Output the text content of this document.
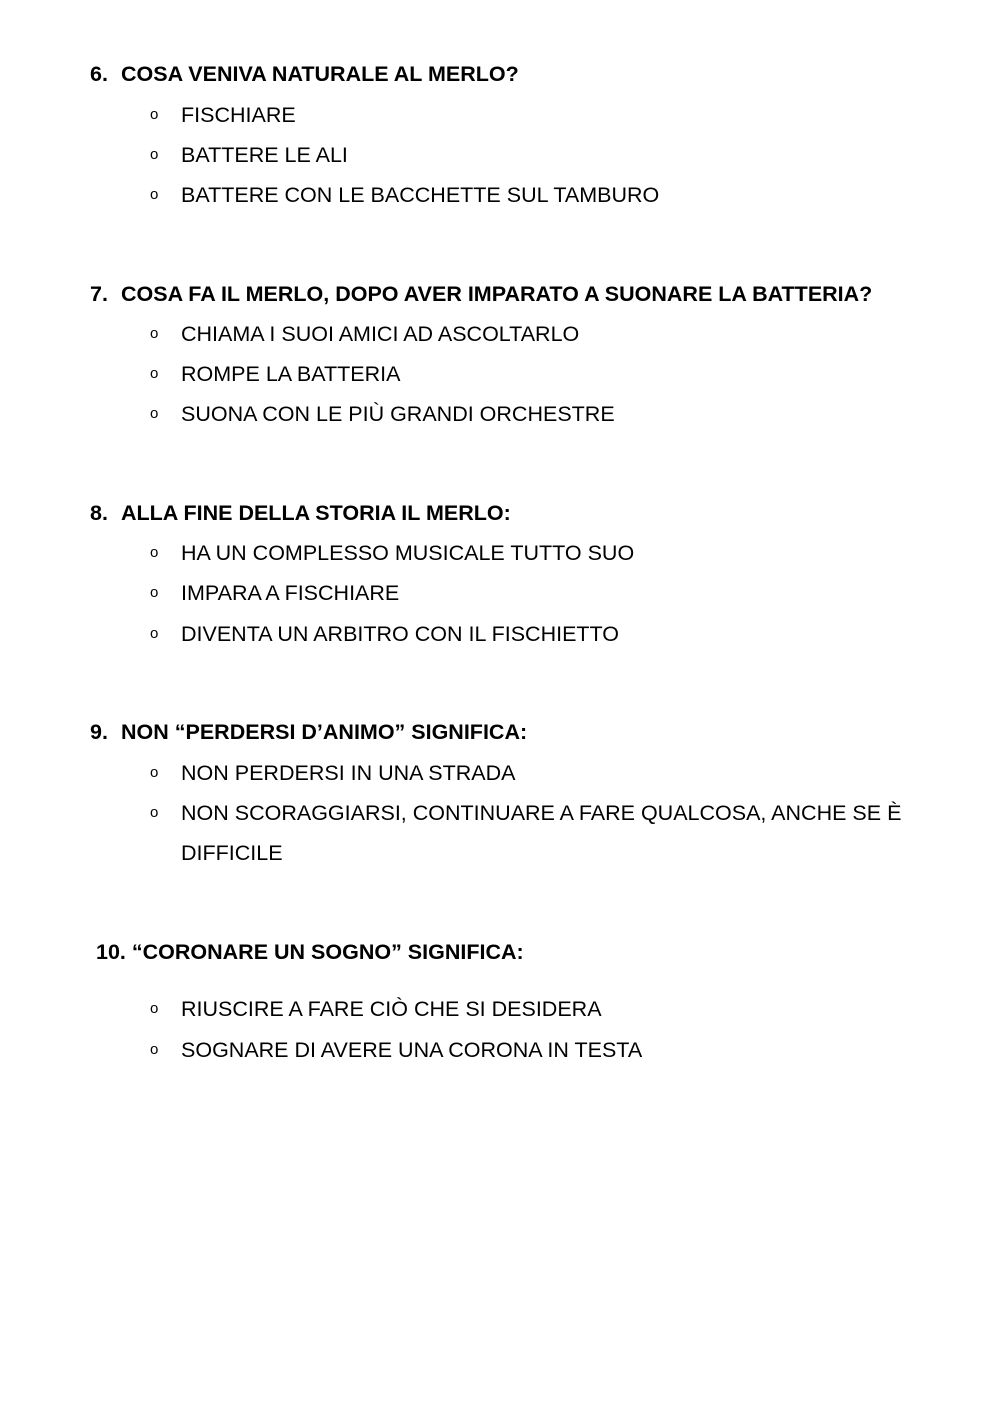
6. COSA VENIVA NATURALE AL MERLO?
o	FISCHIARE
o	BATTERE LE ALI
o	BATTERE CON LE BACCHETTE SUL TAMBURO
7. COSA FA IL MERLO, DOPO AVER IMPARATO A SUONARE LA BATTERIA?
o	CHIAMA I SUOI AMICI AD ASCOLTARLO
o	ROMPE LA BATTERIA
o	SUONA CON LE PIÙ GRANDI ORCHESTRE
8. ALLA FINE DELLA STORIA IL MERLO:
o	HA UN COMPLESSO MUSICALE TUTTO SUO
o	IMPARA A FISCHIARE
o	DIVENTA UN ARBITRO CON IL FISCHIETTO
9. NON “PERDERSI D’ANIMO” SIGNIFICA:
o	NON PERDERSI IN UNA STRADA
o	NON SCORAGGIARSI, CONTINUARE A FARE QUALCOSA, ANCHE SE È DIFFICILE
10. “CORONARE UN SOGNO” SIGNIFICA:
o	RIUSCIRE A FARE CIÒ CHE SI DESIDERA
o	SOGNARE DI AVERE UNA CORONA IN TESTA
